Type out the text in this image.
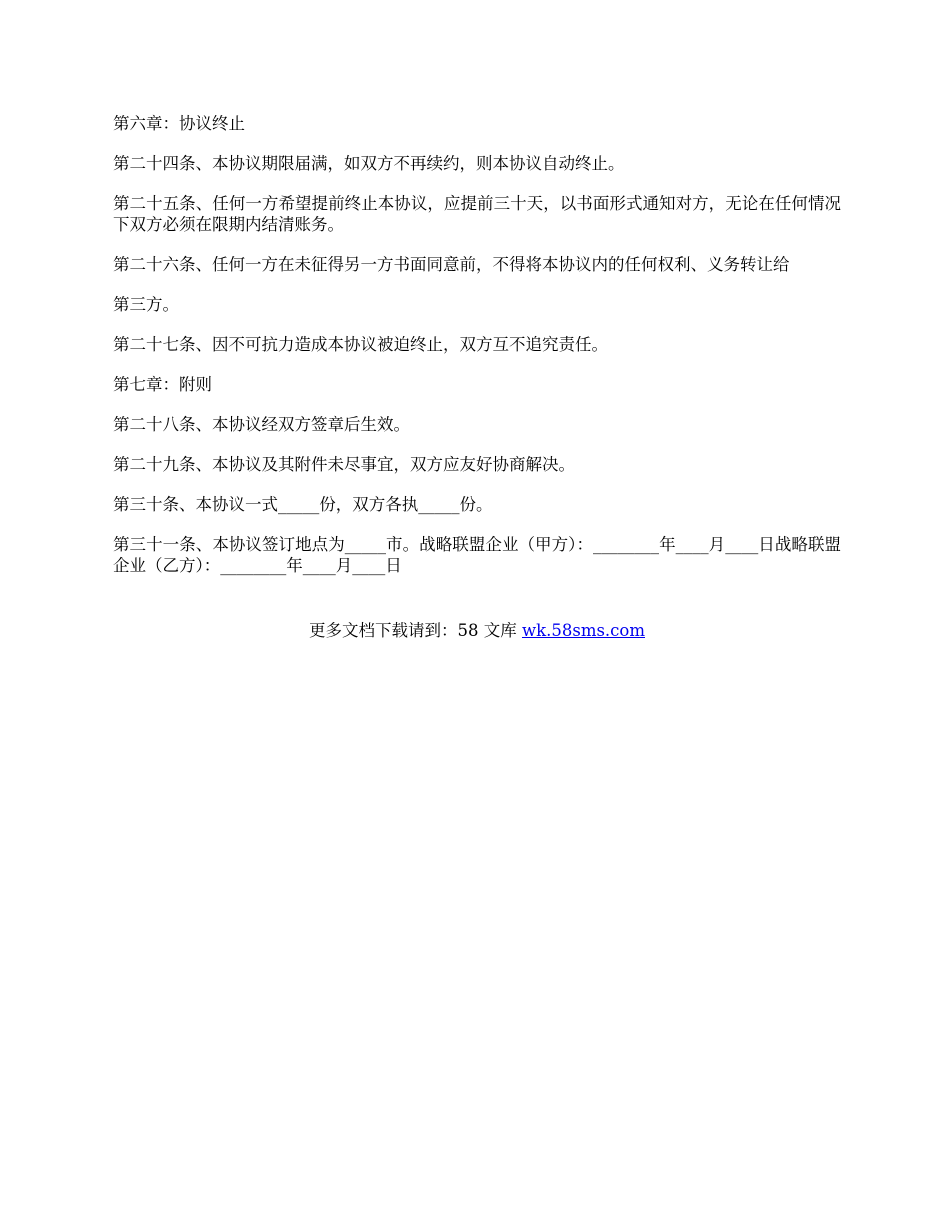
第六章：协议终止

第二十四条、本协议期限届满，如双方不再续约，则本协议自动终止。

第二十五条、任何一方希望提前终止本协议，应提前三十天，以书面形式通知对方，无论在任何情况下双方必须在限期内结清账务。

第二十六条、任何一方在未征得另一方书面同意前，不得将本协议内的任何权利、义务转让给

第三方。

第二十七条、因不可抗力造成本协议被迫终止，双方互不追究责任。

第七章：附则

第二十八条、本协议经双方签章后生效。

第二十九条、本协议及其附件未尽事宜，双方应友好协商解决。

第三十条、本协议一式_____份，双方各执_____份。

第三十一条、本协议签订地点为_____市。战略联盟企业（甲方）：________年____月____日战略联盟企业（乙方）：________年____月____日

更多文档下载请到：58 文库 wk.58sms.com
